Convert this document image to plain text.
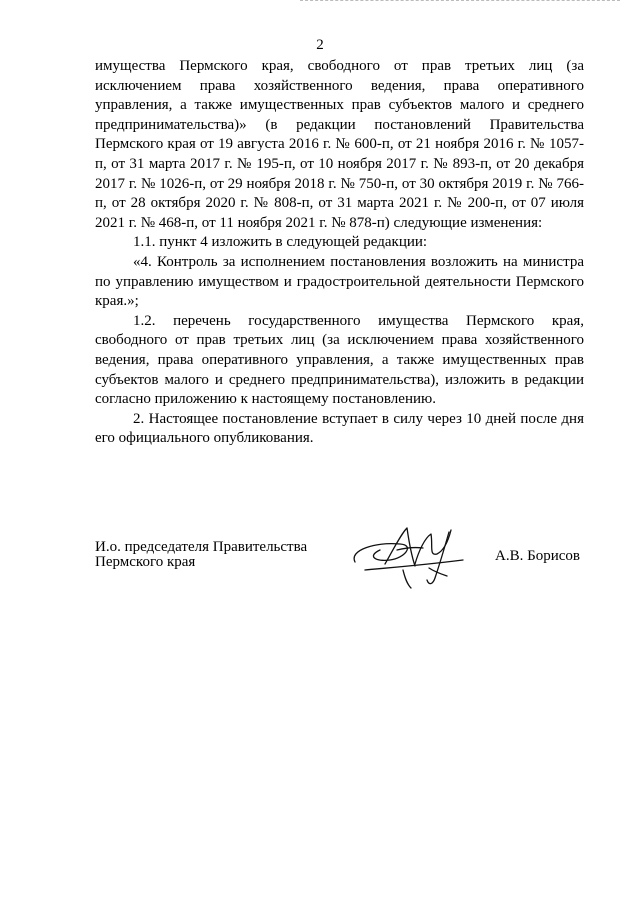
2

имущества Пермского края, свободного от прав третьих лиц (за исключением права хозяйственного ведения, права оперативного управления, а также имущественных прав субъектов малого и среднего предпринимательства)» (в редакции постановлений Правительства Пермского края от 19 августа 2016 г. № 600-п, от 21 ноября 2016 г. № 1057-п, от 31 марта 2017 г. № 195-п, от 10 ноября 2017 г. № 893-п, от 20 декабря 2017 г. № 1026-п, от 29 ноября 2018 г. № 750-п, от 30 октября 2019 г. № 766-п, от 28 октября 2020 г. № 808-п, от 31 марта 2021 г. № 200-п, от 07 июля 2021 г. № 468-п, от 11 ноября 2021 г. № 878-п) следующие изменения:

1.1. пункт 4 изложить в следующей редакции:

«4. Контроль за исполнением постановления возложить на министра по управлению имуществом и градостроительной деятельности Пермского края.»;

1.2. перечень государственного имущества Пермского края, свободного от прав третьих лиц (за исключением права хозяйственного ведения, права оперативного управления, а также имущественных прав субъектов малого и среднего предпринимательства), изложить в редакции согласно приложению к настоящему постановлению.

2. Настоящее постановление вступает в силу через 10 дней после дня его официального опубликования.

И.о. председателя Правительства
Пермского края	А.В. Борисов
